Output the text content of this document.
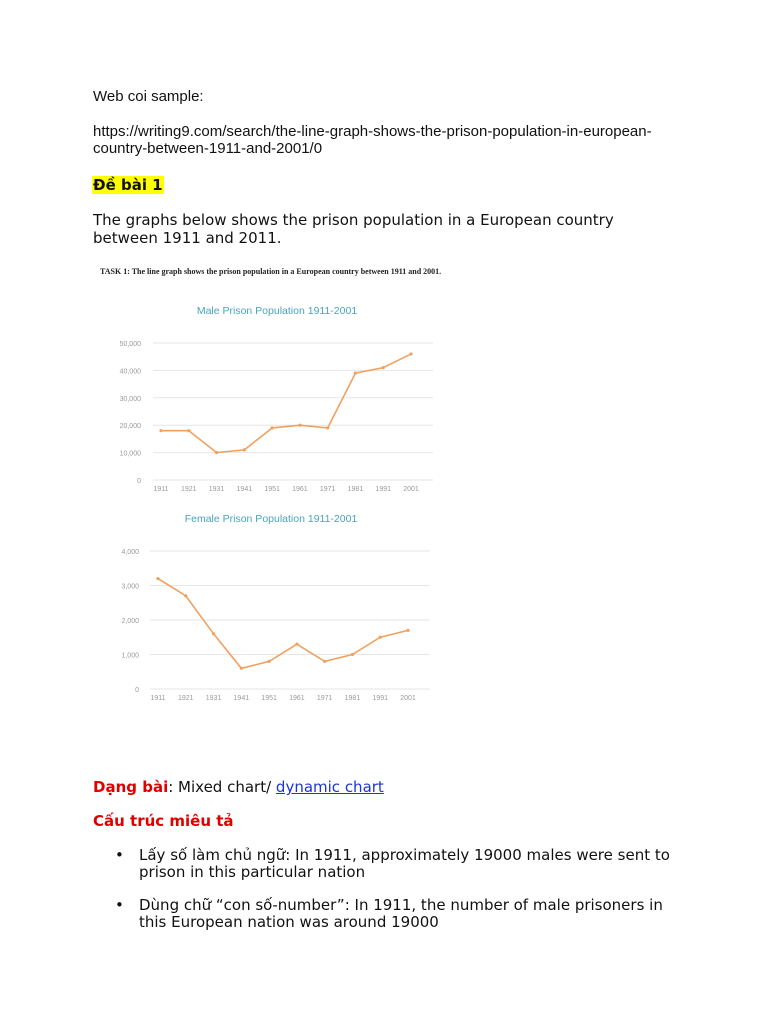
Web coi sample:
https://writing9.com/search/the-line-graph-shows-the-prison-population-in-european-country-between-1911-and-2001/0
Đề bài 1
The graphs below shows the prison population in a European country between 1911 and 2011.
TASK 1: The line graph shows the prison population in a European country between 1911 and 2001.
Male Prison Population 1911-2001
0
10,000
20,000
30,000
40,000
50,000
1911 1921 1931 1941 1951 1961 1971 1981 1991 2001
Female Prison Population 1911-2001
0
1,000
2,000
3,000
4,000
1911 1921 1931 1941 1951 1961 1971 1981 1991 2001
Dạng bài: Mixed chart/ dynamic chart
Cấu trúc miêu tả
• Lấy số làm chủ ngữ: In 1911, approximately 19000 males were sent to prison in this particular nation
• Dùng chữ “con số-number”: In 1911, the number of male prisoners in this European nation was around 19000
